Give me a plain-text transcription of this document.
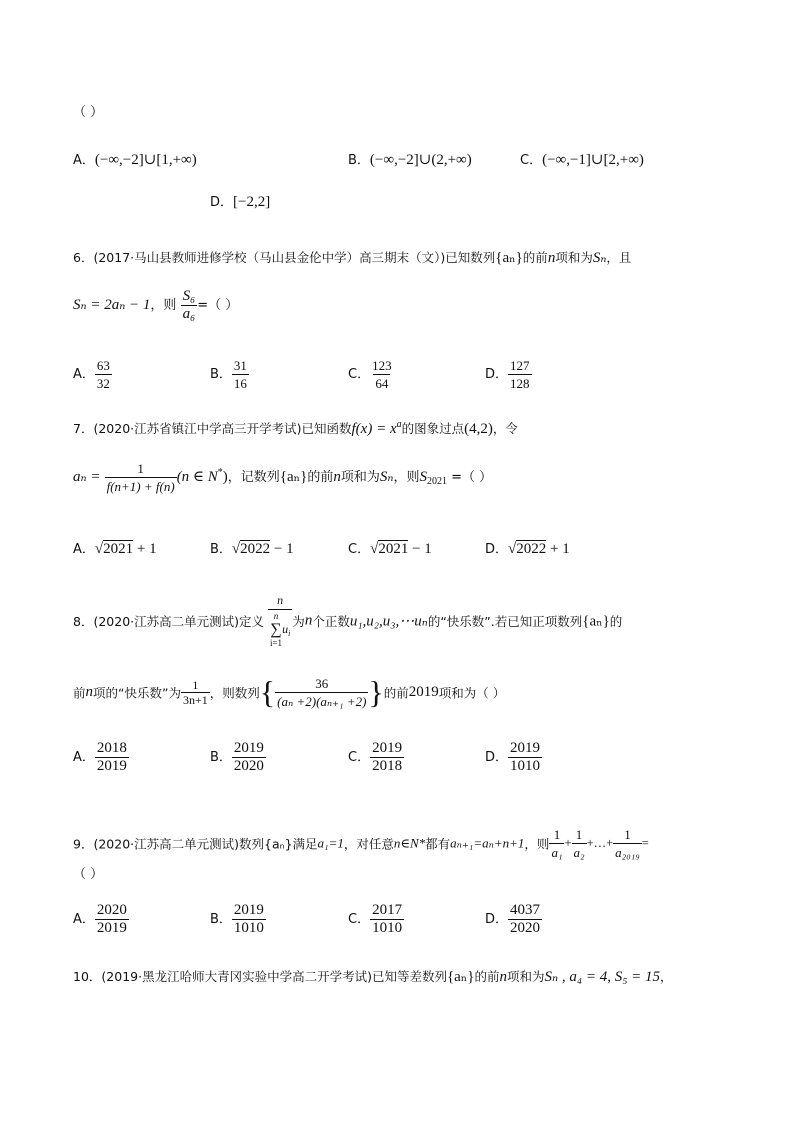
（ ）
A．(−∞,−2]∪[1,+∞)	B．(−∞,−2]∪(2,+∞)	C．(−∞,−1]∪[2,+∞)
D．[−2,2]
6．(2017·马山县教师进修学校（马山县金伦中学）高三期末（文）)已知数列{aₙ}的前n项和为Sₙ，且
Sₙ = 2aₙ − 1，则 $\frac{\text{S₆}}{\text{a₆}}$ =（ ）
A． $\frac{63}{32}$	B． $\frac{31}{16}$	C． $\frac{123}{64}$	D． $\frac{127}{128}$
7．(2020·江苏省镇江中学高三开学考试)已知函数$f(x) = x^a$的图象过点(4,2)，令
$a_n = \frac{1}{f(n+1) + f(n)} (n$ ∈ N*)，记数列{aₙ}的前n项和为Sₙ，则$S_{2021}$ =（ ）
A．√2021 + 1	B．√2022 − 1	C．√2021 − 1	D．√2022 + 1
8．(2020·江苏高二单元测试)定义 n
n
∑
i=1
$u_i$ 为n个正数u₁,u₂,u₃,⋯uₙ的“快乐数”.若已知正项数列{aₙ}的
前n项的“快乐数”为 $\frac{1}{3n+1}$ ，则数列{ $\frac{36}{\text{(aₙ +2)(aₙ₊₁ +2)}}$ }的前2019项和为（ ）
A． $\frac{2018}{2019}$	B． $\frac{2019}{2020}$	C． $\frac{2019}{2018}$	D． $\frac{2019}{1010}$
9．(2020·江苏高二单元测试)数列{aₙ}满足a₁=1，对任意n∈N*都有aₙ₊₁=aₙ+n+1，则 $\frac{1}{\text{a₁}} + \frac{1}{\text{a₂}}$ +…+ $\frac{1}{\text{a₂₀₁₉}}$ =
（ ）
A． $\frac{2020}{2019}$	B． $\frac{2019}{1010}$	C． $\frac{2017}{1010}$	D． $\frac{4037}{2020}$
10．(2019·黑龙江哈师大青冈实验中学高二开学考试)已知等差数列{aₙ}的前n项和为Sₙ , a₄ = 4, S₅ = 15，
